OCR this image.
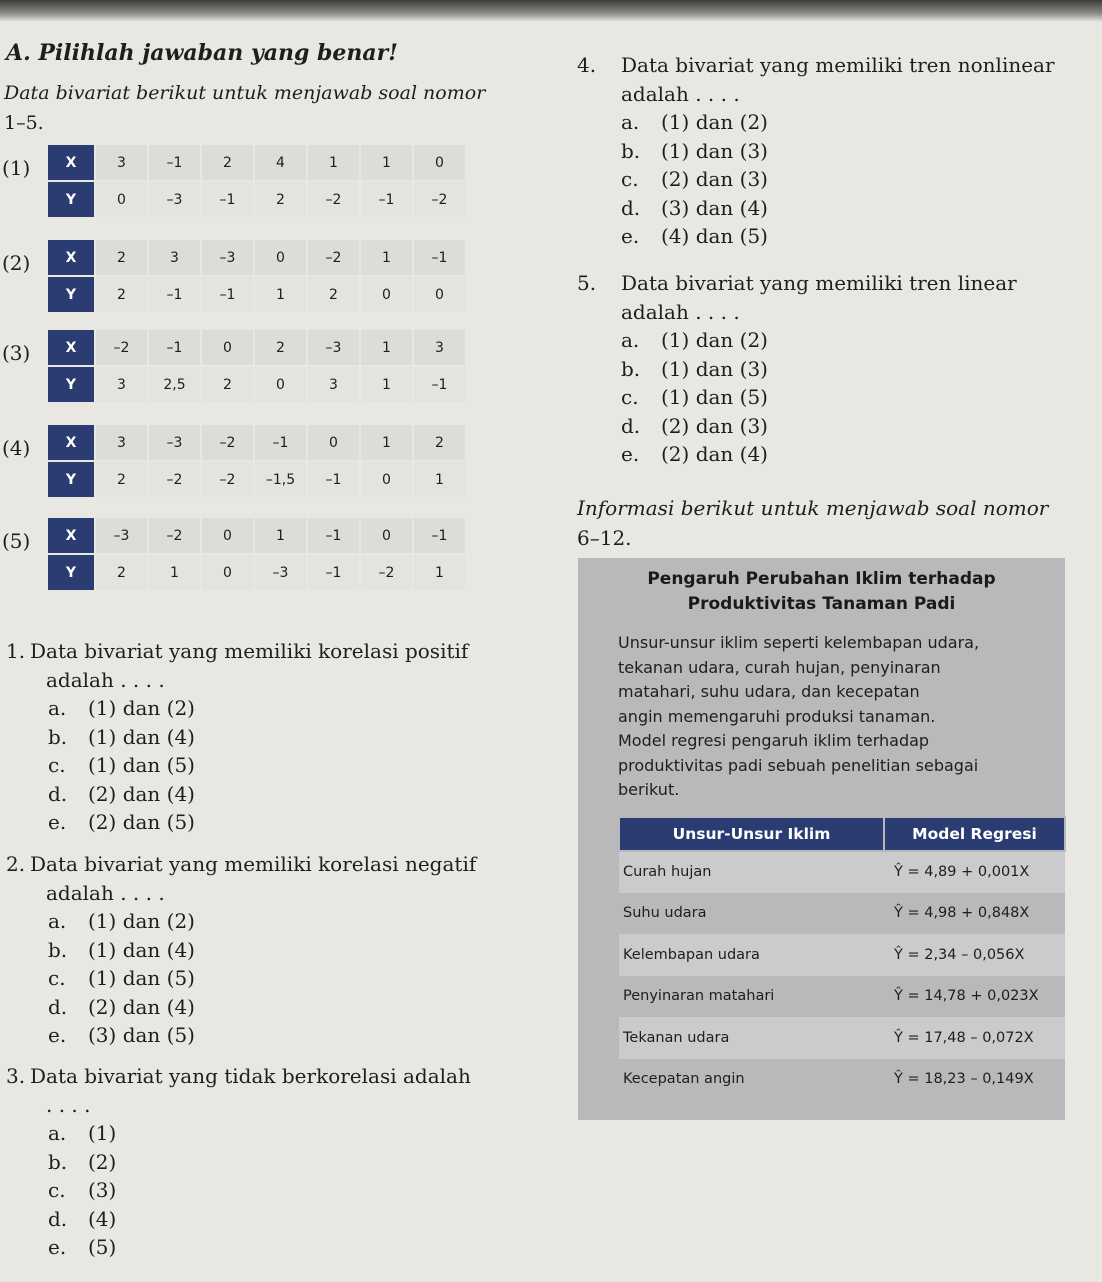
A. Pilihlah jawaban yang benar!
Data bivariat berikut untuk menjawab soal nomor
1–5.
(1)	X	3	–1	2	4	1	1	0
Y	0	–3	–1	2	–2	–1	–2
(2)	X	2	3	–3	0	–2	1	–1
Y	2	–1	–1	1	2	0	0
(3)	X	–2	–1	0	2	–3	1	3
Y	3	2,5	2	0	3	1	–1
(4)	X	3	–3	–2	–1	0	1	2
Y	2	–2	–2	–1,5	–1	0	1
(5)	X	–3	–2	0	1	–1	0	–1
Y	2	1	0	–3	–1	–2	1
1. Data bivariat yang memiliki korelasi positif
adalah . . . .
a. (1) dan (2)
b. (1) dan (4)
c. (1) dan (5)
d. (2) dan (4)
e. (2) dan (5)
2. Data bivariat yang memiliki korelasi negatif
adalah . . . .
a. (1) dan (2)
b. (1) dan (4)
c. (1) dan (5)
d. (2) dan (4)
e. (3) dan (5)
3. Data bivariat yang tidak berkorelasi adalah
. . . .
a. (1)
b. (2)
c. (3)
d. (4)
e. (5)
4. Data bivariat yang memiliki tren nonlinear
adalah . . . .
a. (1) dan (2)
b. (1) dan (3)
c. (2) dan (3)
d. (3) dan (4)
e. (4) dan (5)
5. Data bivariat yang memiliki tren linear
adalah . . . .
a. (1) dan (2)
b. (1) dan (3)
c. (1) dan (5)
d. (2) dan (3)
e. (2) dan (4)
Informasi berikut untuk menjawab soal nomor
6–12.
Pengaruh Perubahan Iklim terhadap
Produktivitas Tanaman Padi
Unsur-unsur iklim seperti kelembapan udara,
tekanan udara, curah hujan, penyinaran
matahari, suhu udara, dan kecepatan
angin memengaruhi produksi tanaman.
Model regresi pengaruh iklim terhadap
produktivitas padi sebuah penelitian sebagai
berikut.
Unsur-Unsur Iklim	Model Regresi
Curah hujan	Ŷ = 4,89 + 0,001X
Suhu udara	Ŷ = 4,98 + 0,848X
Kelembapan udara	Ŷ = 2,34 – 0,056X
Penyinaran matahari	Ŷ = 14,78 + 0,023X
Tekanan udara	Ŷ = 17,48 – 0,072X
Kecepatan angin	Ŷ = 18,23 – 0,149X
